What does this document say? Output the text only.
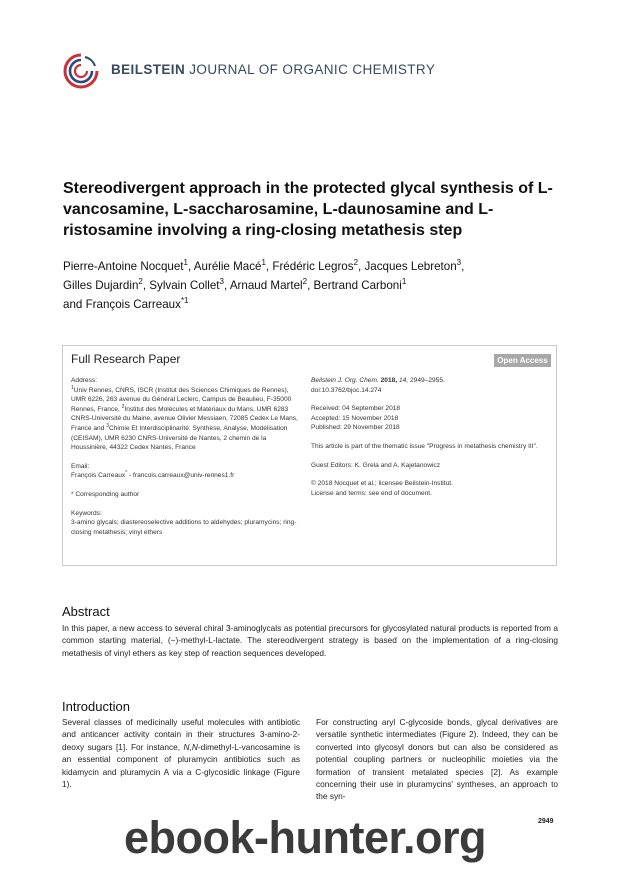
BEILSTEIN JOURNAL OF ORGANIC CHEMISTRY
Stereodivergent approach in the protected glycal synthesis of L-vancosamine, L-saccharosamine, L-daunosamine and L-ristosamine involving a ring-closing metathesis step
Pierre-Antoine Nocquet$^1$, Aurélie Macé$^1$, Frédéric Legros$^2$, Jacques Lebreton$^3$,
Gilles Dujardin$^2$, Sylvain Collet$^3$, Arnaud Martel$^2$, Bertrand Carboni$^1$
and François Carreaux$^{*1}$
Full Research Paper	Open Access
Address:
$^1$Univ Rennes, CNRS, ISCR (Institut des Sciences Chimiques de Rennes), UMR 6226, 263 avenue du Général Leclerc, Campus de Beaulieu, F-35000 Rennes, France, $^2$Institut des Molécules et Matériaux du Mans, UMR 6283 CNRS-Université du Maine, avenue Olivier Messiaen, 72085 Cedex Le Mans, France and $^3$Chimie Et Interdisciplinarité: Synthèse, Analyse, Modélisation (CEISAM), UMR 6230 CNRS-Université de Nantes, 2 chemin de la Houssinière, 44322 Cedex Nantes, France
Email:
François Carreaux* - francois.carreaux@univ-rennes1.fr
* Corresponding author
Keywords:
3-amino glycals; diastereoselective additions to aldehydes; pluramycins; ring-closing metathesis; vinyl ethers
Beilstein J. Org. Chem. 2018, 14, 2949–2955.
doi:10.3762/bjoc.14.274
Received: 04 September 2018
Accepted: 15 November 2018
Published: 29 November 2018
This article is part of the thematic issue "Progress in metathesis chemistry III".
Guest Editors: K. Grela and A. Kajetanowicz
© 2018 Nocquet et al.; licensee Beilstein-Institut.
License and terms: see end of document.
Abstract
In this paper, a new access to several chiral 3-aminoglycals as potential precursors for glycosylated natural products is reported from a common starting material, (−)-methyl-L-lactate. The stereodivergent strategy is based on the implementation of a ring-closing metathesis of vinyl ethers as key step of reaction sequences developed.
Introduction
Several classes of medicinally useful molecules with antibiotic and anticancer activity contain in their structures 3-amino-2-deoxy sugars [1]. For instance, N,N-dimethyl-L-vancosamine is an essential component of pluramycin antibiotics such as kidamycin and pluramycin A via a C-glycosidic linkage (Figure 1).
For constructing aryl C-glycoside bonds, glycal derivatives are versatile synthetic intermediates (Figure 2). Indeed, they can be converted into glycosyl donors but can also be considered as potential coupling partners or nucleophilic moieties via the formation of transient metalated species [2]. As example concerning their use in pluramycins' syntheses, an approach to the syn-
ebook-hunter.org	2949
